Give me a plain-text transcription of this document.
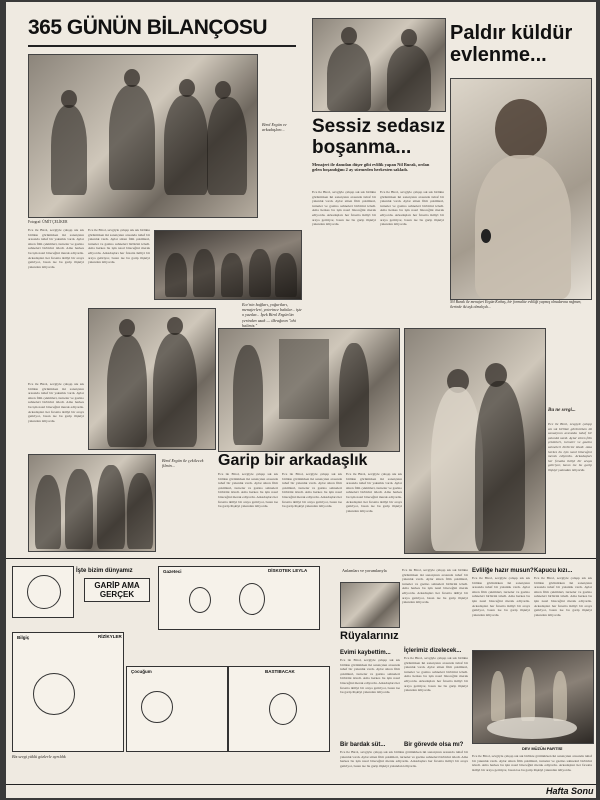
365 GÜNÜN BİLANÇOSU
Birol Ergün ve arkadaşları...
Fotograf: ÜMİT ÇELİKER
Ece ile Birol, sevgiyle çalışıp sık sık birlikte görünürken iki sanatçının arasında tuhaf bir yakınlık vardı. Aylar süren film çekimleri, turneler ve gazino sahneleri birbirini izledi. Ama herkes bu işin nasıl biteceğini merak ediyordu. Arkadaşları her fırsatta ikiliyi bir araya getiriyor, basın ise bu garip ilişkiyi yakından izliyordu.
Ece ile Birol, sevgiyle çalışıp sık sık birlikte görünürken iki sanatçının arasında tuhaf bir yakınlık vardı. Aylar süren film çekimleri, turneler ve gazino sahneleri birbirini izledi. Ama herkes bu işin nasıl biteceğini merak ediyordu. Arkadaşları her fırsatta ikiliyi bir araya getiriyor, basın ise bu garip ilişkiyi yakından izliyordu.
Ece'nin bağları, yoğurtları, menajerleri, yeterince bakılar... işte o yazılar... İpek Birol Ergün'ün yerinden uzak — ilkrağının "ahi halimiz."
Ece ile Birol, sevgiyle çalışıp sık sık birlikte görünürken iki sanatçının arasında tuhaf bir yakınlık vardı. Aylar süren film çekimleri, turneler ve gazino sahneleri birbirini izledi. Ama herkes bu işin nasıl biteceğini merak ediyordu. Arkadaşları her fırsatta ikiliyi bir araya getiriyor, basın ise bu garip ilişkiyi yakından izliyordu.
Birol Ergün ile çekilecek filmin...
Paldır küldür evlenme...
Sessiz sedasız boşanma...
Menajeri ile damdan düşer gibi evlilik yapan Nil Burak, ordan gelen boşandığını 2 ay sürmeden herkesten sakladı.
Ece ile Birol, sevgiyle çalışıp sık sık birlikte görünürken iki sanatçının arasında tuhaf bir yakınlık vardı. Aylar süren film çekimleri, turneler ve gazino sahneleri birbirini izledi. Ama herkes bu işin nasıl biteceğini merak ediyordu. Arkadaşları her fırsatta ikiliyi bir araya getiriyor, basın ise bu garip ilişkiyi yakından izliyordu.
Ece ile Birol, sevgiyle çalışıp sık sık birlikte görünürken iki sanatçının arasında tuhaf bir yakınlık vardı. Aylar süren film çekimleri, turneler ve gazino sahneleri birbirini izledi. Ama herkes bu işin nasıl biteceğini merak ediyordu. Arkadaşları her fırsatta ikiliyi bir araya getiriyor, basın ise bu garip ilişkiyi yakından izliyordu.
Nil Burak ile menajeri Ergün Kırbaş, bir formalite evliliği yapmış olmalarına rağmen, ilerinde iki aşk olmalıydı...
Garip bir arkadaşlık
Ece ile Birol, sevgiyle çalışıp sık sık birlikte görünürken iki sanatçının arasında tuhaf bir yakınlık vardı. Aylar süren film çekimleri, turneler ve gazino sahneleri birbirini izledi. Ama herkes bu işin nasıl biteceğini merak ediyordu. Arkadaşları her fırsatta ikiliyi bir araya getiriyor, basın ise bu garip ilişkiyi yakından izliyordu.
Ece ile Birol, sevgiyle çalışıp sık sık birlikte görünürken iki sanatçının arasında tuhaf bir yakınlık vardı. Aylar süren film çekimleri, turneler ve gazino sahneleri birbirini izledi. Ama herkes bu işin nasıl biteceğini merak ediyordu. Arkadaşları her fırsatta ikiliyi bir araya getiriyor, basın ise bu garip ilişkiyi yakından izliyordu.
Ece ile Birol, sevgiyle çalışıp sık sık birlikte görünürken iki sanatçının arasında tuhaf bir yakınlık vardı. Aylar süren film çekimleri, turneler ve gazino sahneleri birbirini izledi. Ama herkes bu işin nasıl biteceğini merak ediyordu. Arkadaşları her fırsatta ikiliyi bir araya getiriyor, basın ise bu garip ilişkiyi yakından izliyordu.
Bu ne sevgi...
Ece ile Birol, sevgiyle çalışıp sık sık birlikte görünürken iki sanatçının arasında tuhaf bir yakınlık vardı. Aylar süren film çekimleri, turneler ve gazino sahneleri birbirini izledi. Ama herkes bu işin nasıl biteceğini merak ediyordu. Arkadaşları her fırsatta ikiliyi bir araya getiriyor, basın ise bu garip ilişkiyi yakından izliyordu.
İşte bizim dünyamız
GARİP AMA GERÇEK
Gazeteci	DİSKOTEK LEYLA
Bilgiç	RİZİKYLER
Çocuğum	BASTIBACAK
Biz sevgi yüklü gözlerle ayrıldık
Anlamları ve yorumlarıyla
Rüyalarınız
Ece ile Birol, sevgiyle çalışıp sık sık birlikte görünürken iki sanatçının arasında tuhaf bir yakınlık vardı. Aylar süren film çekimleri, turneler ve gazino sahneleri birbirini izledi. Ama herkes bu işin nasıl biteceğini merak ediyordu. Arkadaşları her fırsatta ikiliyi bir araya getiriyor, basın ise bu garip ilişkiyi yakından izliyordu.
Evimi kaybettim...
Ece ile Birol, sevgiyle çalışıp sık sık birlikte görünürken iki sanatçının arasında tuhaf bir yakınlık vardı. Aylar süren film çekimleri, turneler ve gazino sahneleri birbirini izledi. Ama herkes bu işin nasıl biteceğini merak ediyordu. Arkadaşları her fırsatta ikiliyi bir araya getiriyor, basın ise bu garip ilişkiyi yakından izliyordu.
İçlerimiz dizelecek...
Ece ile Birol, sevgiyle çalışıp sık sık birlikte görünürken iki sanatçının arasında tuhaf bir yakınlık vardı. Aylar süren film çekimleri, turneler ve gazino sahneleri birbirini izledi. Ama herkes bu işin nasıl biteceğini merak ediyordu. Arkadaşları her fırsatta ikiliyi bir araya getiriyor, basın ise bu garip ilişkiyi yakından izliyordu.
Bir bardak süt...	Bir görevde olsa mı?
Ece ile Birol, sevgiyle çalışıp sık sık birlikte görünürken iki sanatçının arasında tuhaf bir yakınlık vardı. Aylar süren film çekimleri, turneler ve gazino sahneleri birbirini izledi. Ama herkes bu işin nasıl biteceğini merak ediyordu. Arkadaşları her fırsatta ikiliyi bir araya getiriyor, basın ise bu garip ilişkiyi yakından izliyordu.
Evliliğe hazır musun?
Ece ile Birol, sevgiyle çalışıp sık sık birlikte görünürken iki sanatçının arasında tuhaf bir yakınlık vardı. Aylar süren film çekimleri, turneler ve gazino sahneleri birbirini izledi. Ama herkes bu işin nasıl biteceğini merak ediyordu. Arkadaşları her fırsatta ikiliyi bir araya getiriyor, basın ise bu garip ilişkiyi yakından izliyordu.
Kapucu kızı...
Ece ile Birol, sevgiyle çalışıp sık sık birlikte görünürken iki sanatçının arasında tuhaf bir yakınlık vardı. Aylar süren film çekimleri, turneler ve gazino sahneleri birbirini izledi. Ama herkes bu işin nasıl biteceğini merak ediyordu. Arkadaşları her fırsatta ikiliyi bir araya getiriyor, basın ise bu garip ilişkiyi yakından izliyordu.
DEV MÜZÜN PARTİSİ
Ece ile Birol, sevgiyle çalışıp sık sık birlikte görünürken iki sanatçının arasında tuhaf bir yakınlık vardı. Aylar süren film çekimleri, turneler ve gazino sahneleri birbirini izledi. Ama herkes bu işin nasıl biteceğini merak ediyordu. Arkadaşları her fırsatta ikiliyi bir araya getiriyor, basın ise bu garip ilişkiyi yakından izliyordu.
Hafta Sonu
